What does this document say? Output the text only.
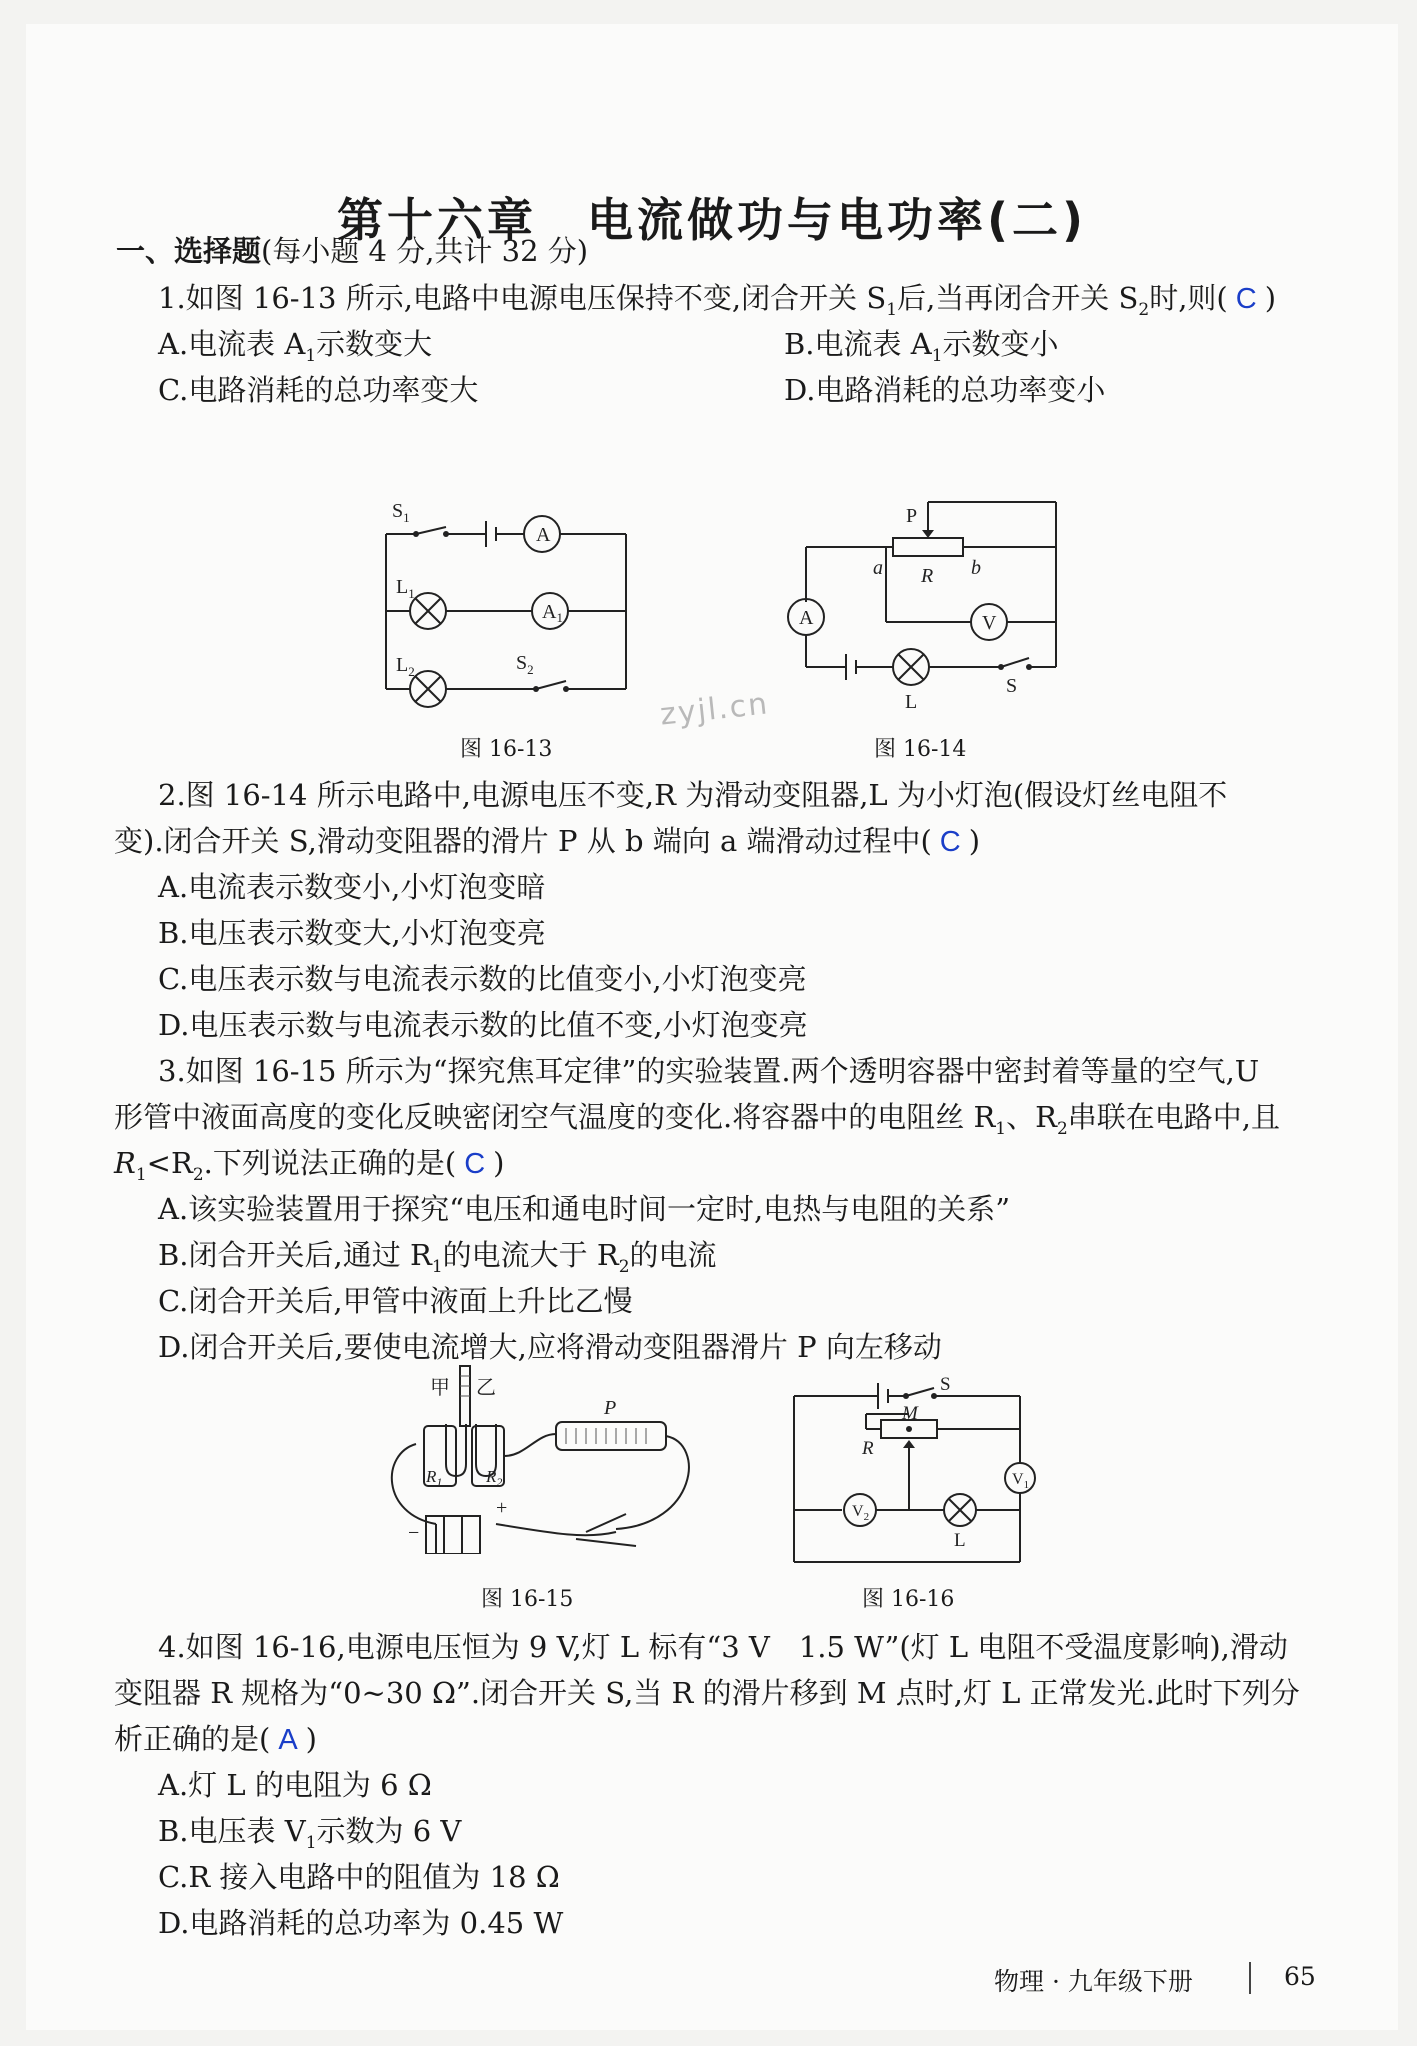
第十六章　电流做功与电功率(二)
一、选择题(每小题 4 分,共计 32 分)
1.如图 16-13 所示,电路中电源电压保持不变,闭合开关 $S_1$后,当再闭合开关 $S_2$时,则( C )
A.电流表 $A_1$示数变大	B.电流表 $A_1$示数变小
C.电路消耗的总功率变大	D.电路消耗的总功率变小
$S_1$
A
$L_1$
$A_1$
$L_2$	$S_2$
图 16-13
P
a R b
A	V
L
S
图 16-14
zyjl.cn
2.图 16-14 所示电路中,电源电压不变,R 为滑动变阻器,L 为小灯泡(假设灯丝电阻不
变).闭合开关 S,滑动变阻器的滑片 P 从 b 端向 a 端滑动过程中( C )
A.电流表示数变小,小灯泡变暗
B.电压表示数变大,小灯泡变亮
C.电压表示数与电流表示数的比值变小,小灯泡变亮
D.电压表示数与电流表示数的比值不变,小灯泡变亮
3.如图 16-15 所示为“探究焦耳定律”的实验装置.两个透明容器中密封着等量的空气,U
形管中液面高度的变化反映密闭空气温度的变化.将容器中的电阻丝 $R_1$、$R_2$串联在电路中,且
$R_1<R_2$.下列说法正确的是( C )
A.该实验装置用于探究“电压和通电时间一定时,电热与电阻的关系”
B.闭合开关后,通过 $R_1$的电流大于 $R_2$的电流
C.闭合开关后,甲管中液面上升比乙慢
D.闭合开关后,要使电流增大,应将滑动变阻器滑片 P 向左移动
甲 乙
P
$R_1$	$R_2$
−
+
图 16-15
S
M
R
$V_1$
$V_2$
L
图 16-16
4.如图 16-16,电源电压恒为 9 V,灯 L 标有“3 V　1.5 W”(灯 L 电阻不受温度影响),滑动
变阻器 R 规格为“0~30 Ω”.闭合开关 S,当 R 的滑片移到 M 点时,灯 L 正常发光.此时下列分
析正确的是( A )
A.灯 L 的电阻为 6 Ω
B.电压表 $V_1$示数为 6 V
C.R 接入电路中的阻值为 18 Ω
D.电路消耗的总功率为 0.45 W
物理 · 九年级下册	65
